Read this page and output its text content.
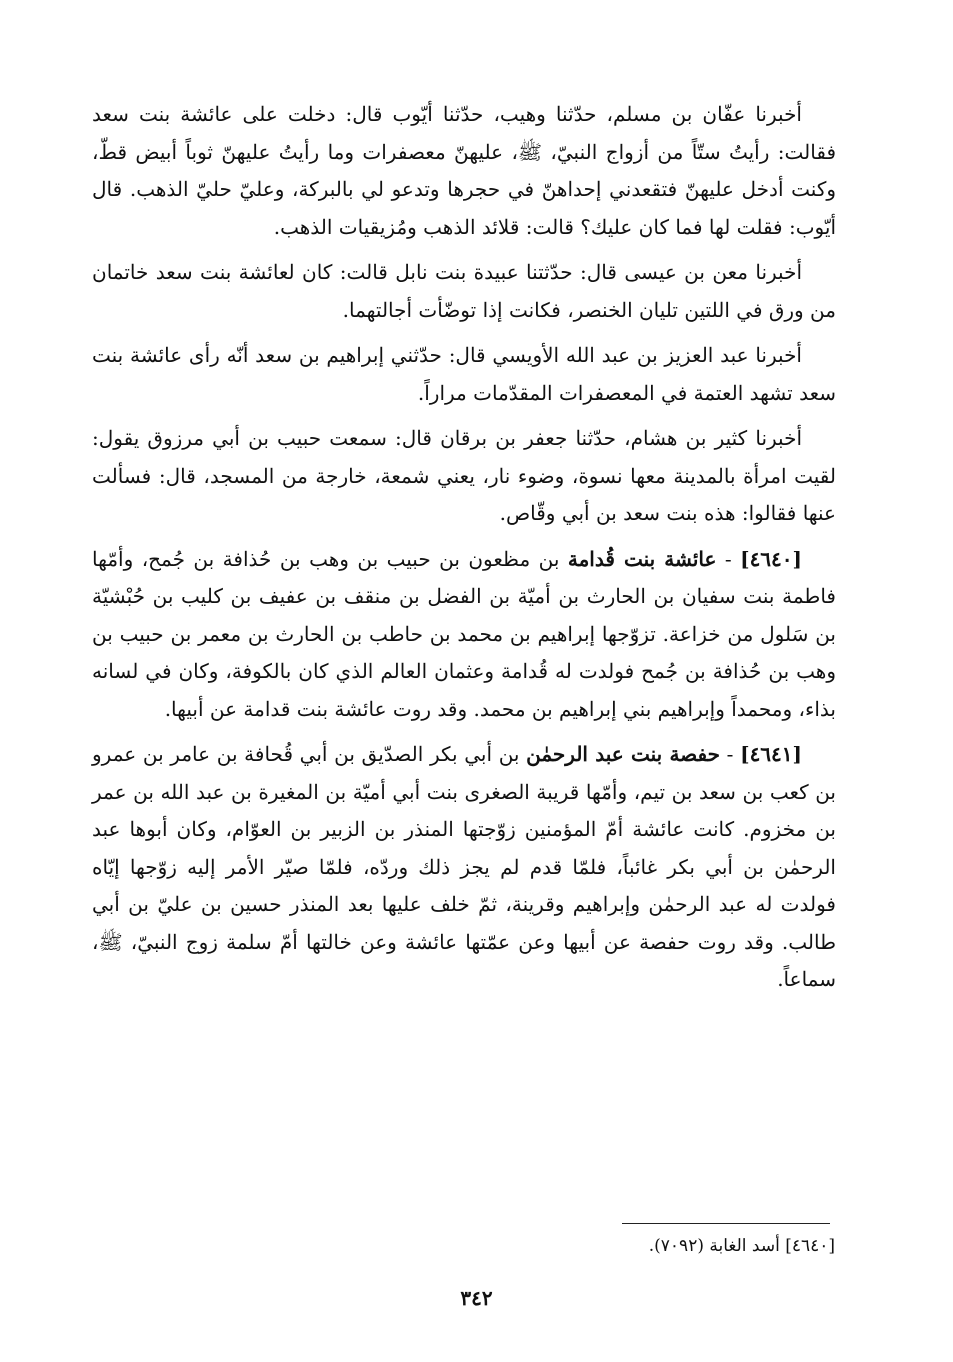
أخبرنا عفّان بن مسلم، حدّثنا وهيب، حدّثنا أيّوب قال: دخلت على عائشة بنت سعد فقالت: رأيتُ ستّاً من أزواج النبيّ، ﷺ، عليهنّ معصفرات وما رأيتُ عليهنّ ثوباً أبيض قطّ، وكنت أدخل عليهنّ فتقعدني إحداهنّ في حجرها وتدعو لي بالبركة، وعليّ حليّ الذهب. قال أيّوب: فقلت لها فما كان عليك؟ قالت: قلائد الذهب ومُزيقيات الذهب.

أخبرنا معن بن عيسى قال: حدّثتنا عبيدة بنت نابل قالت: كان لعائشة بنت سعد خاتمان من ورق في اللتين تليان الخنصر، فكانت إذا توضّأت أجالتهما.

أخبرنا عبد العزيز بن عبد الله الأويسي قال: حدّثني إبراهيم بن سعد أنّه رأى عائشة بنت سعد تشهد العتمة في المعصفرات المقدّمات مراراً.

أخبرنا كثير بن هشام، حدّثنا جعفر بن برقان قال: سمعت حبيب بن أبي مرزوق يقول: لقيت امرأة بالمدينة معها نسوة، وضوء نار، يعني شمعة، خارجة من المسجد، قال: فسألت عنها فقالوا: هذه بنت سعد بن أبي وقّاص.

[٤٦٤٠] - عائشة بنت قُدامة بن مظعون بن حبيب بن وهب بن حُذافة بن جُمح، وأمّها فاطمة بنت سفيان بن الحارث بن أميّة بن الفضل بن منقف بن عفيف بن كليب بن حُبْشيّة بن سَلول من خزاعة. تزوّجها إبراهيم بن محمد بن حاطب بن الحارث بن معمر بن حبيب بن وهب بن حُذافة بن جُمح فولدت له قُدامة وعثمان العالم الذي كان بالكوفة، وكان في لسانه بذاء، ومحمداً وإبراهيم بني إبراهيم بن محمد. وقد روت عائشة بنت قدامة عن أبيها.

[٤٦٤١] - حفصة بنت عبد الرحمٰن بن أبي بكر الصدّيق بن أبي قُحافة بن عامر بن عمرو بن كعب بن سعد بن تيم، وأمّها قريبة الصغرى بنت أبي أميّة بن المغيرة بن عبد الله بن عمر بن مخزوم. كانت عائشة أمّ المؤمنين زوّجتها المنذر بن الزبير بن العوّام، وكان أبوها عبد الرحمٰن بن أبي بكر غائباً، فلمّا قدم لم يجز ذلك وردّه، فلمّا صيّر الأمر إليه زوّجها إيّاه فولدت له عبد الرحمٰن وإبراهيم وقرينة، ثمّ خلف عليها بعد المنذر حسين بن عليّ بن أبي طالب. وقد روت حفصة عن أبيها وعن عمّتها عائشة وعن خالتها أمّ سلمة زوج النبيّ، ﷺ، سماعاً.

[٤٦٤٠] أسد الغابة (٧٠٩٢).
٣٤٢
